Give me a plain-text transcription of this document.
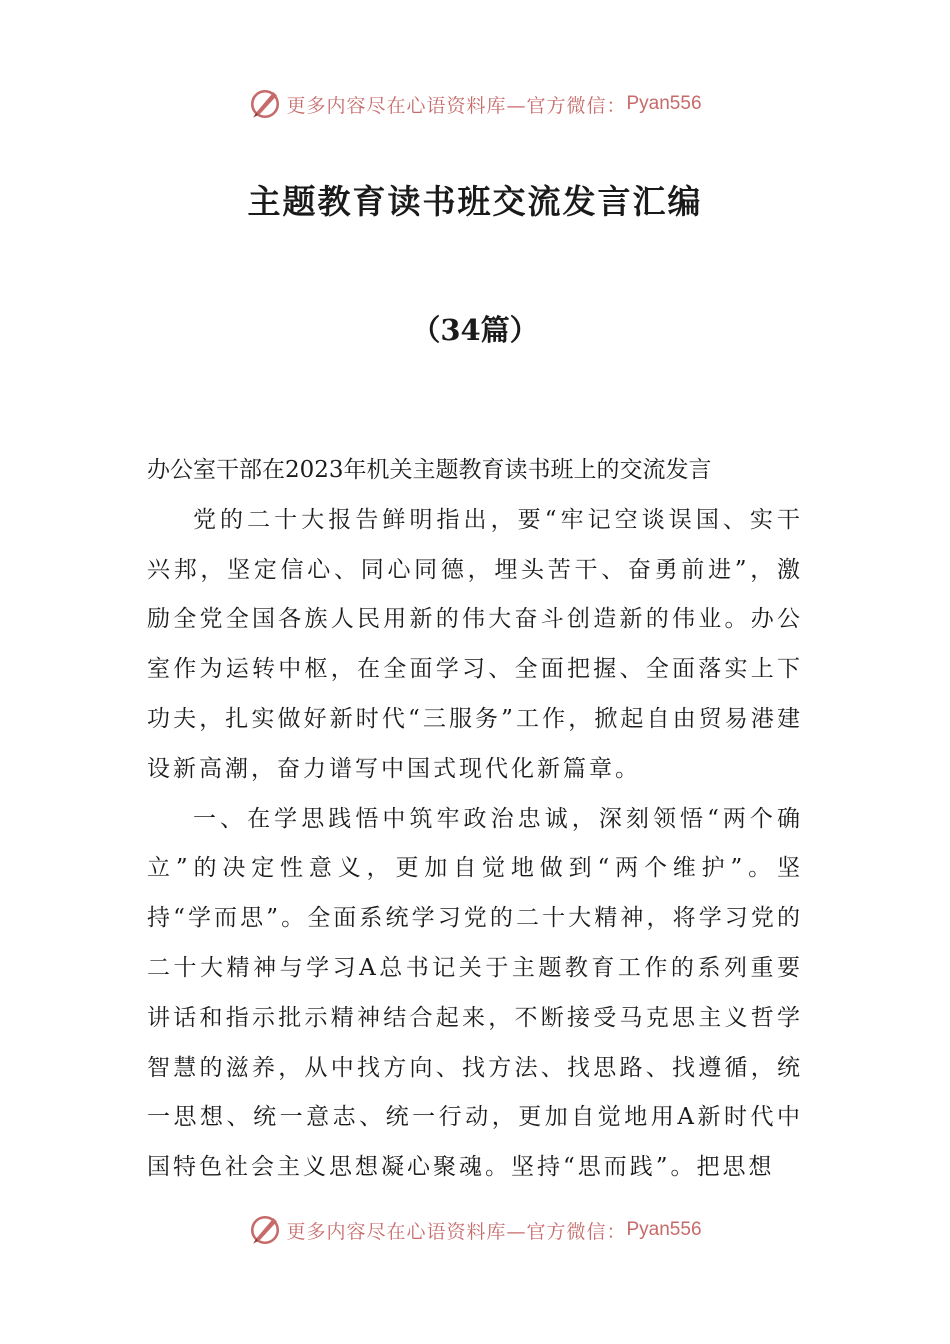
更多内容尽在心语资料库—官方微信： Pyan556
主题教育读书班交流发言汇编
（34篇）

办公室干部在2023年机关主题教育读书班上的交流发言

党的二十大报告鲜明指出，要“牢记空谈误国、实干兴邦，坚定信心、同心同德，埋头苦干、奋勇前进”，激励全党全国各族人民用新的伟大奋斗创造新的伟业。办公室作为运转中枢，在全面学习、全面把握、全面落实上下功夫，扎实做好新时代“三服务”工作，掀起自由贸易港建设新高潮，奋力谱写中国式现代化新篇章。

一、在学思践悟中筑牢政治忠诚，深刻领悟“两个确立”的决定性意义，更加自觉地做到“两个维护”。坚持“学而思”。全面系统学习党的二十大精神，将学习党的二十大精神与学习A总书记关于主题教育工作的系列重要讲话和指示批示精神结合起来，不断接受马克思主义哲学智慧的滋养，从中找方向、找方法、找思路、找遵循，统一思想、统一意志、统一行动，更加自觉地用A新时代中国特色社会主义思想凝心聚魂。坚持“思而践”。把思想

更多内容尽在心语资料库—官方微信： Pyan556
